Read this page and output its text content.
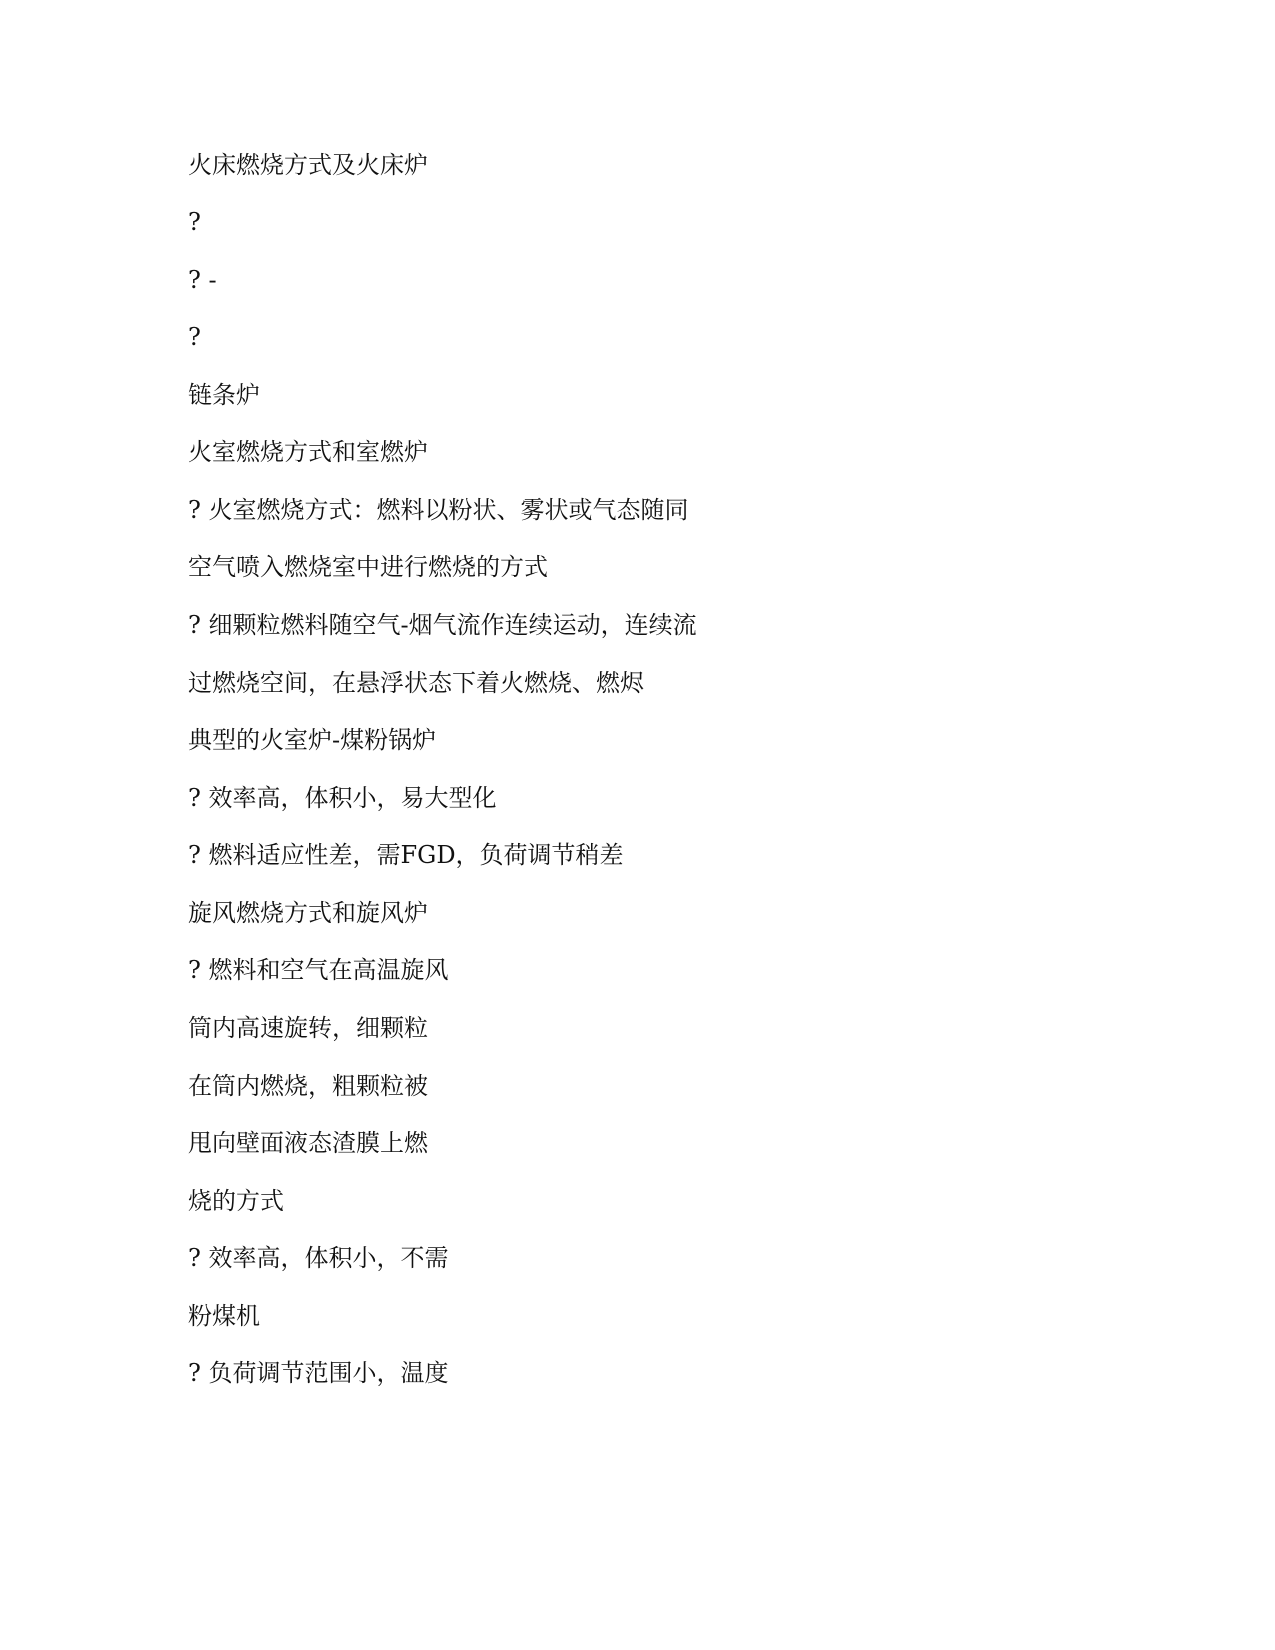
火床燃烧方式及火床炉
?
? -
?
链条炉
火室燃烧方式和室燃炉
? 火室燃烧方式：燃料以粉状、雾状或气态随同
空气喷入燃烧室中进行燃烧的方式
? 细颗粒燃料随空气-烟气流作连续运动，连续流
过燃烧空间，在悬浮状态下着火燃烧、燃烬
典型的火室炉-煤粉锅炉
? 效率高，体积小，易大型化
? 燃料适应性差，需FGD，负荷调节稍差
旋风燃烧方式和旋风炉
? 燃料和空气在高温旋风
筒内高速旋转，细颗粒
在筒内燃烧，粗颗粒被
甩向壁面液态渣膜上燃
烧的方式
? 效率高，体积小，不需
粉煤机
? 负荷调节范围小，温度
